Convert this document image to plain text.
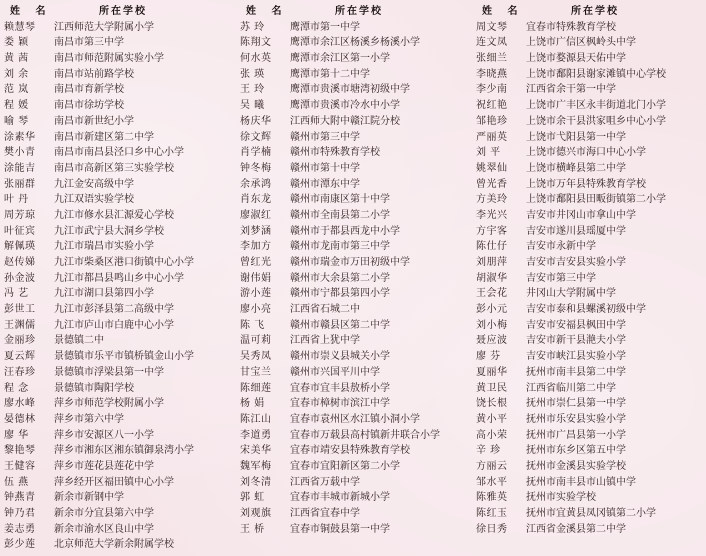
姓 名	所在学校
赖慧琴	江西师范大学附属小学
娄 颖	南昌市第三中学
黄 茜	南昌市师范附属实验小学
刘 余	南昌市站前路学校
范 岚	南昌市育新学校
程 媛	南昌市徐坊学校
喻 琴	南昌市新世纪小学
涂素华	南昌市新建区第二中学
樊小青	南昌市南昌县泾口乡中心小学
涂能吉	南昌市高新区第三实验学校
张丽群	九江金安高级中学
叶 丹	九江双语实验学校
周芳琼	九江市修水县汇源爱心学校
叶征宾	九江市武宁县大洞乡学校
解佩瑛	九江市瑞昌市实验小学
赵传娣	九江市柴桑区港口街镇中心小学
孙金波	九江市都昌县鸣山乡中心小学
冯 艺	九江市湖口县第四小学
彭世工	九江市彭泽县第二高级中学
王渊儒	九江市庐山市白鹿中心小学
金丽珍	景德镇二中
夏云辉	景德镇市乐平市镇桥镇金山小学
汪春珍	景德镇市浮梁县第一中学
程 念	景德镇市陶阳学校
廖水峰	萍乡市师范学校附属小学
晏德林	萍乡市第六中学
廖 华	萍乡市安源区八一小学
黎艳琴	萍乡市湘东区湘东镇御泉湾小学
王健容	萍乡市莲花县莲花中学
伍 燕	萍乡经开区福田镇中心小学
钟燕青	新余市新钢中学
钟乃君	新余市分宜县第六中学
姜志勇	新余市渝水区良山中学
彭少莲	北京师范大学新余附属学校
姓 名	所在学校
苏 玲	鹰潭市第一中学
陈翔文	鹰潭市余江区杨溪乡杨溪小学
何水英	鹰潭市余江区第一小学
张 瑛	鹰潭市第十二中学
王 玲	鹰潭市贵溪市塘湾初级中学
吴 曦	鹰潭市贵溪市冷水中小学
杨庆华	江西师大附中赣江院分校
徐文辉	赣州市第三中学
肖学楠	赣州市特殊教育学校
钟冬梅	赣州市第十中学
余承鸿	赣州市潭东中学
肖东龙	赣州市南康区第十中学
廖淑红	赣州市全南县第二小学
刘梦涵	赣州市于都县西龙中小学
李加方	赣州市龙南市第三中学
曾红光	赣州市瑞金市万田初级中学
谢伟娟	赣州市大余县第二小学
游小莲	赣州市宁都县第四小学
廖小亮	江西省石城二中
陈 飞	赣州市赣县区第二中学
温可莉	江西省上犹中学
吴秀凤	赣州市崇义县城关小学
甘宝兰	赣州市兴国平川中学
陈细莲	宜春市宜丰县敖桥小学
杨 娟	宜春市樟树市滨江中学
陈江山	宜春市袁州区水江镇小洞小学
李道勇	宜春市万载县高村镇新井联合小学
宋美华	宜春市靖安县特殊教育学校
魏军梅	宜春市宜阳新区第二小学
刘冬清	江西省万载中学
郭 虹	宜春市丰城市新城小学
刘观旗	江西省宜春中学
王 桥	宜春市铜鼓县第一中学
姓 名	所在学校
周文琴	宜春市特殊教育学校
连文凤	上饶市广信区枫岭头中学
张细兰	上饶市婺源县天佑中学
李晓燕	上饶市鄱阳县谢家滩镇中心学校
李少南	江西省余干第一中学
祝红艳	上饶市广丰区永丰街道北门小学
邹艳珍	上饶市余干县洪家咀乡中心小学
严丽英	上饶市弋阳县第一中学
刘 平	上饶市德兴市海口中心小学
姚翠仙	上饶市横峰县第二中学
曾光香	上饶市万年县特殊教育学校
方美玲	上饶市鄱阳县田畈街镇第二小学
李光兴	吉安市井冈山市拿山中学
方宇客	吉安市遂川县瑶厦中学
陈仕仔	吉安市永新中学
刘朋萍	吉安市吉安县实验小学
胡淑华	吉安市第三中学
王会花	井冈山大学附属中学
彭小元	吉安市泰和县螺溪初级中学
刘小梅	吉安市安福县枫田中学
聂应波	吉安市新干县滟夫小学
廖 芬	吉安市峡江县实验小学
夏丽华	抚州市南丰县第二中学
黄卫民	江西省临川第二中学
饶长根	抚州市崇仁县第一中学
黄小平	抚州市乐安县实验小学
高小荣	抚州市广昌县第一小学
辛 珍	抚州市东乡区第五中学
方丽云	抚州市金溪县实验学校
邹水平	抚州市南丰县市山镇中学
陈雅英	抚州市实验学校
陈红玉	抚州市宜黄县凤冈镇第二小学
徐日秀	江西省金溪县第二中学
